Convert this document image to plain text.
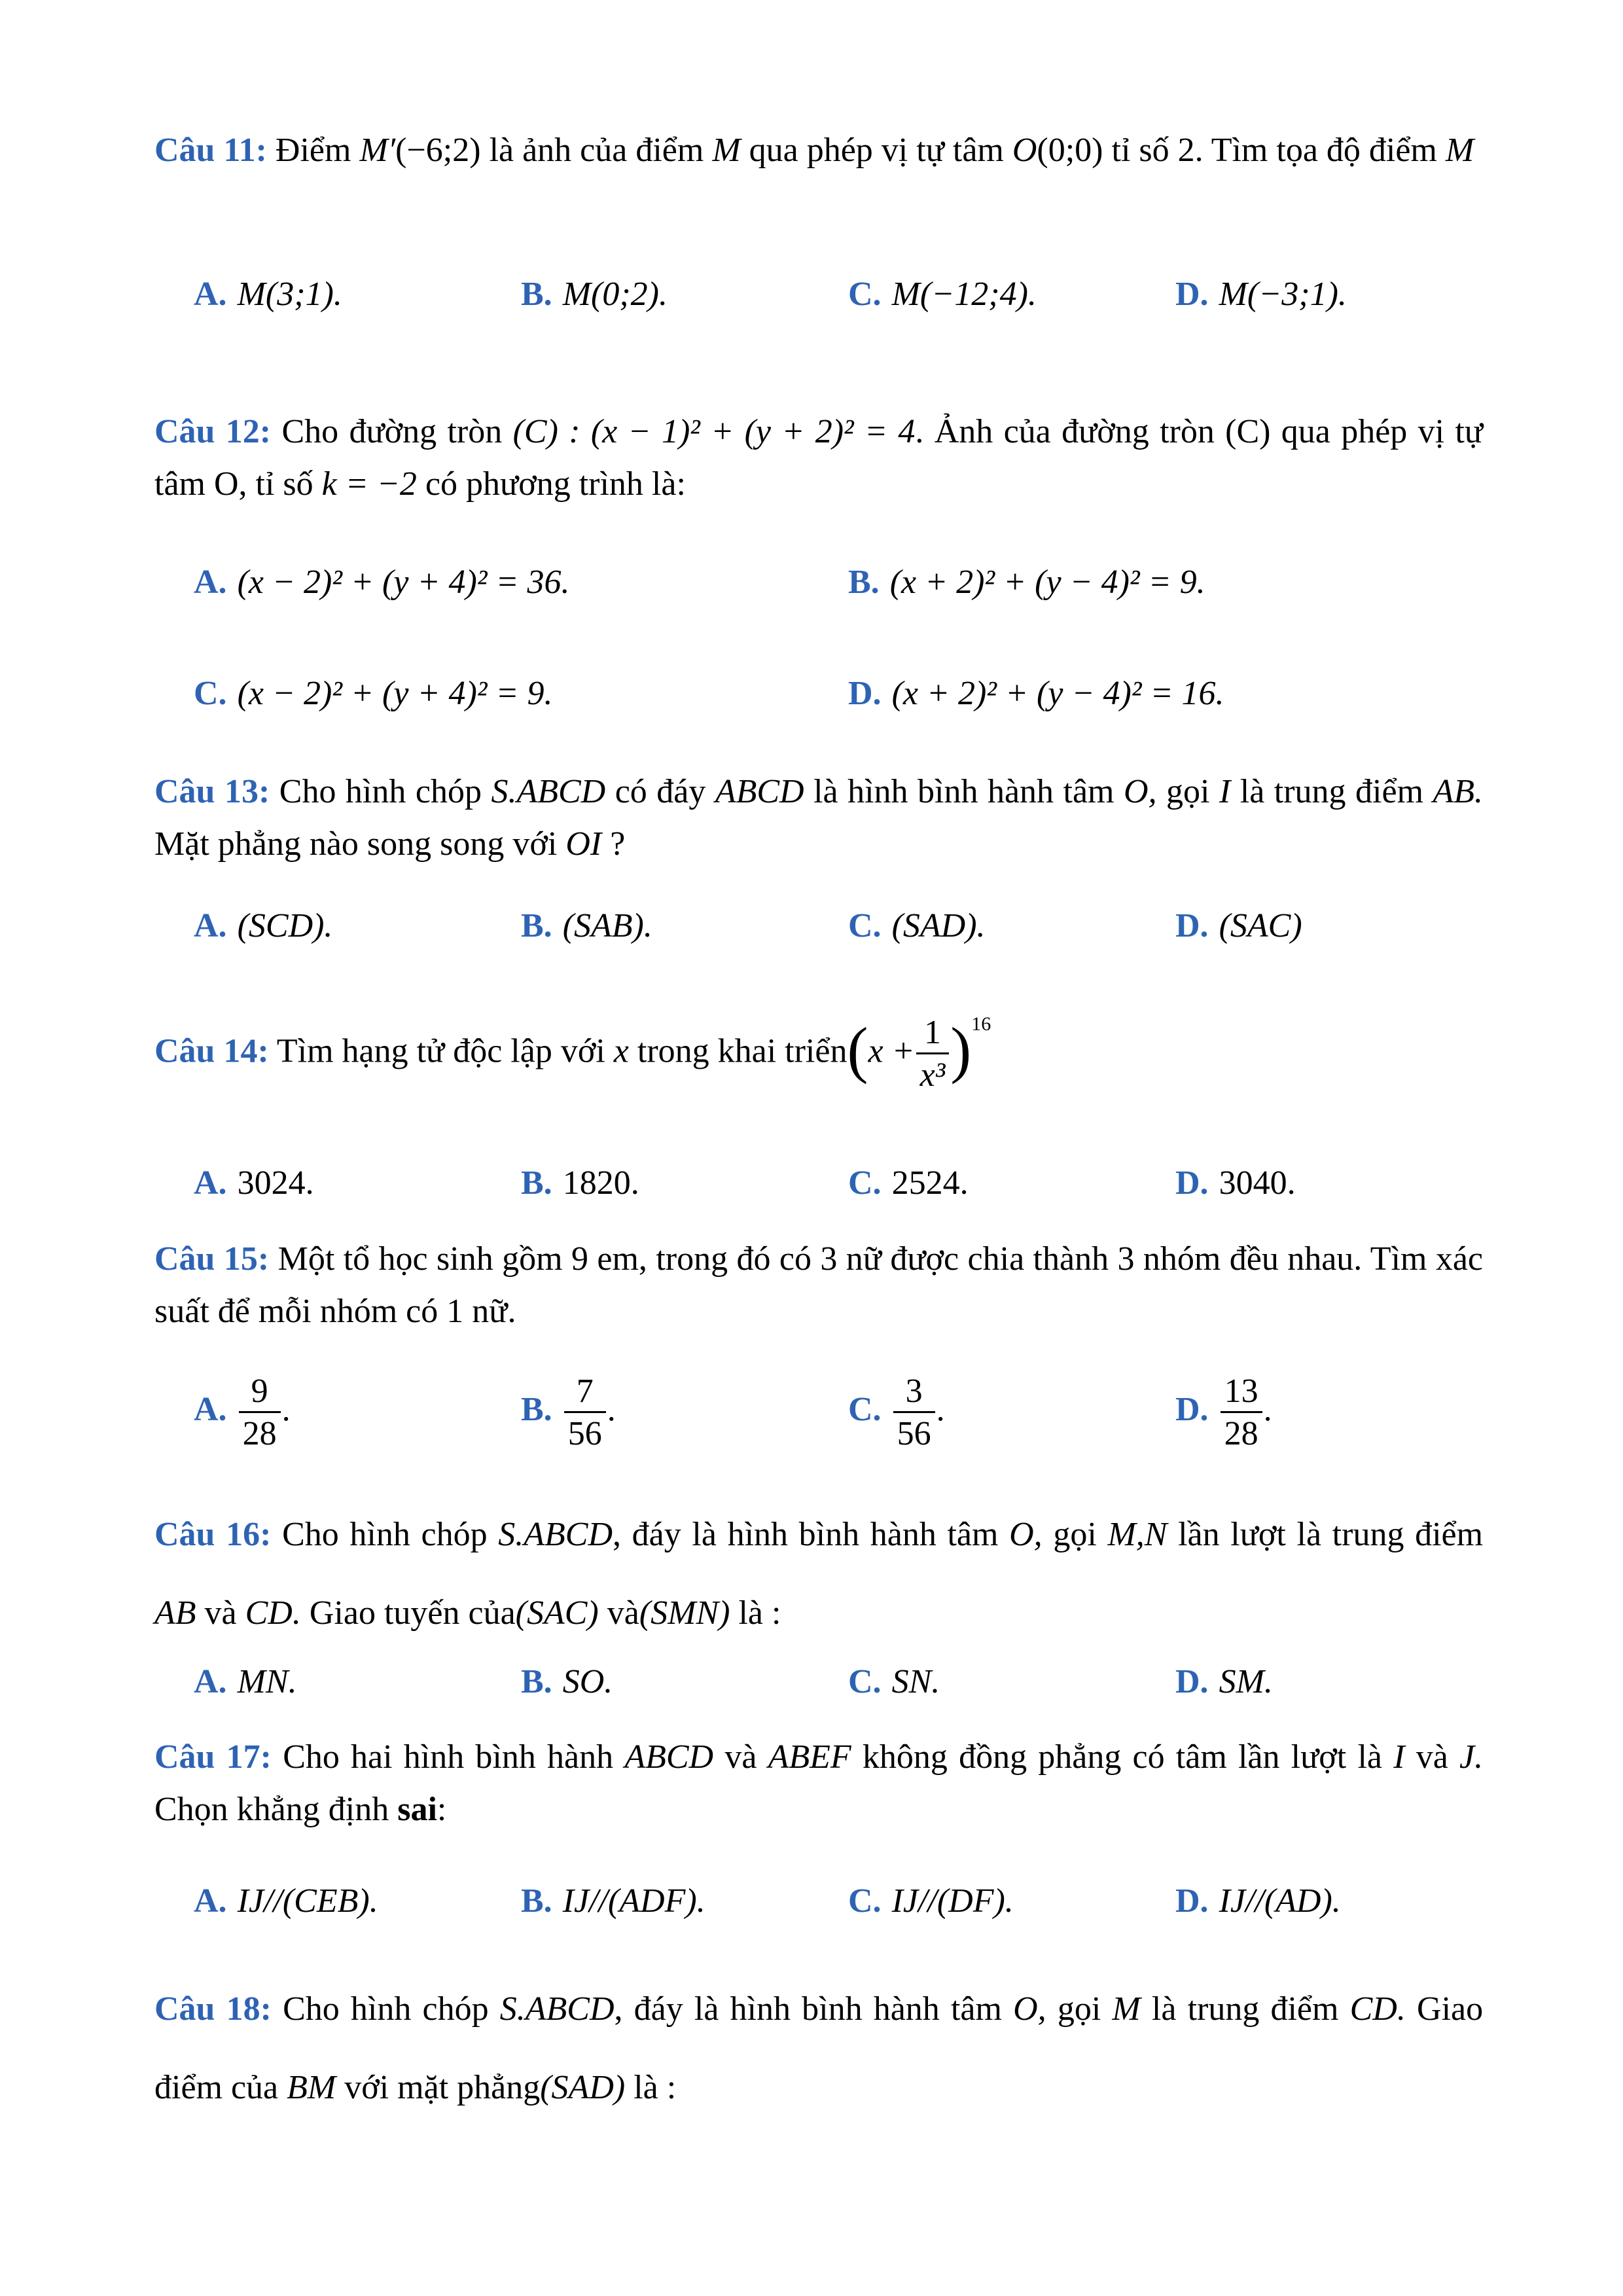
Câu 11: Điểm M′(−6;2) là ảnh của điểm M qua phép vị tự tâm O(0;0) tỉ số 2. Tìm tọa độ điểm M
A. M(3;1).	B. M(0;2).	C. M(−12;4).	D. M(−3;1).
Câu 12: Cho đường tròn (C) : (x − 1)² + (y + 2)² = 4. Ảnh của đường tròn (C) qua phép vị tự tâm O, tỉ số k = −2 có phương trình là:
A. (x − 2)² + (y + 4)² = 36.	B. (x + 2)² + (y − 4)² = 9.
C. (x − 2)² + (y + 4)² = 9.	D. (x + 2)² + (y − 4)² = 16.
Câu 13: Cho hình chóp S.ABCD có đáy ABCD là hình bình hành tâm O, gọi I là trung điểm AB. Mặt phẳng nào song song với OI ?
A. (SCD).	B. (SAB).	C. (SAD).	D. (SAC)
Câu 14: Tìm hạng tử độc lập với x trong khai triển(x + $\frac{1}{\text{x³}} )^{16}$
A. 3024.	B. 1820.	C. 2524.	D. 3040.
Câu 15: Một tổ học sinh gồm 9 em, trong đó có 3 nữ được chia thành 3 nhóm đều nhau. Tìm xác suất để mỗi nhóm có 1 nữ.
A. $\frac{9}{28}$ .	B. $\frac{7}{56}$ .	C. $\frac{3}{56}$ .	D. $\frac{13}{28}$ .
Câu 16: Cho hình chóp S.ABCD, đáy là hình bình hành tâm O, gọi M,N lần lượt là trung điểm AB và CD. Giao tuyến của(SAC) và(SMN) là :
A. MN.	B. SO.	C. SN.	D. SM.
Câu 17: Cho hai hình bình hành ABCD và ABEF không đồng phẳng có tâm lần lượt là I và J. Chọn khẳng định sai:
A. IJ//(CEB).	B. IJ//(ADF).	C. IJ//(DF).	D. IJ//(AD).
Câu 18: Cho hình chóp S.ABCD, đáy là hình bình hành tâm O, gọi M là trung điểm CD. Giao điểm của BM với mặt phẳng(SAD) là :
